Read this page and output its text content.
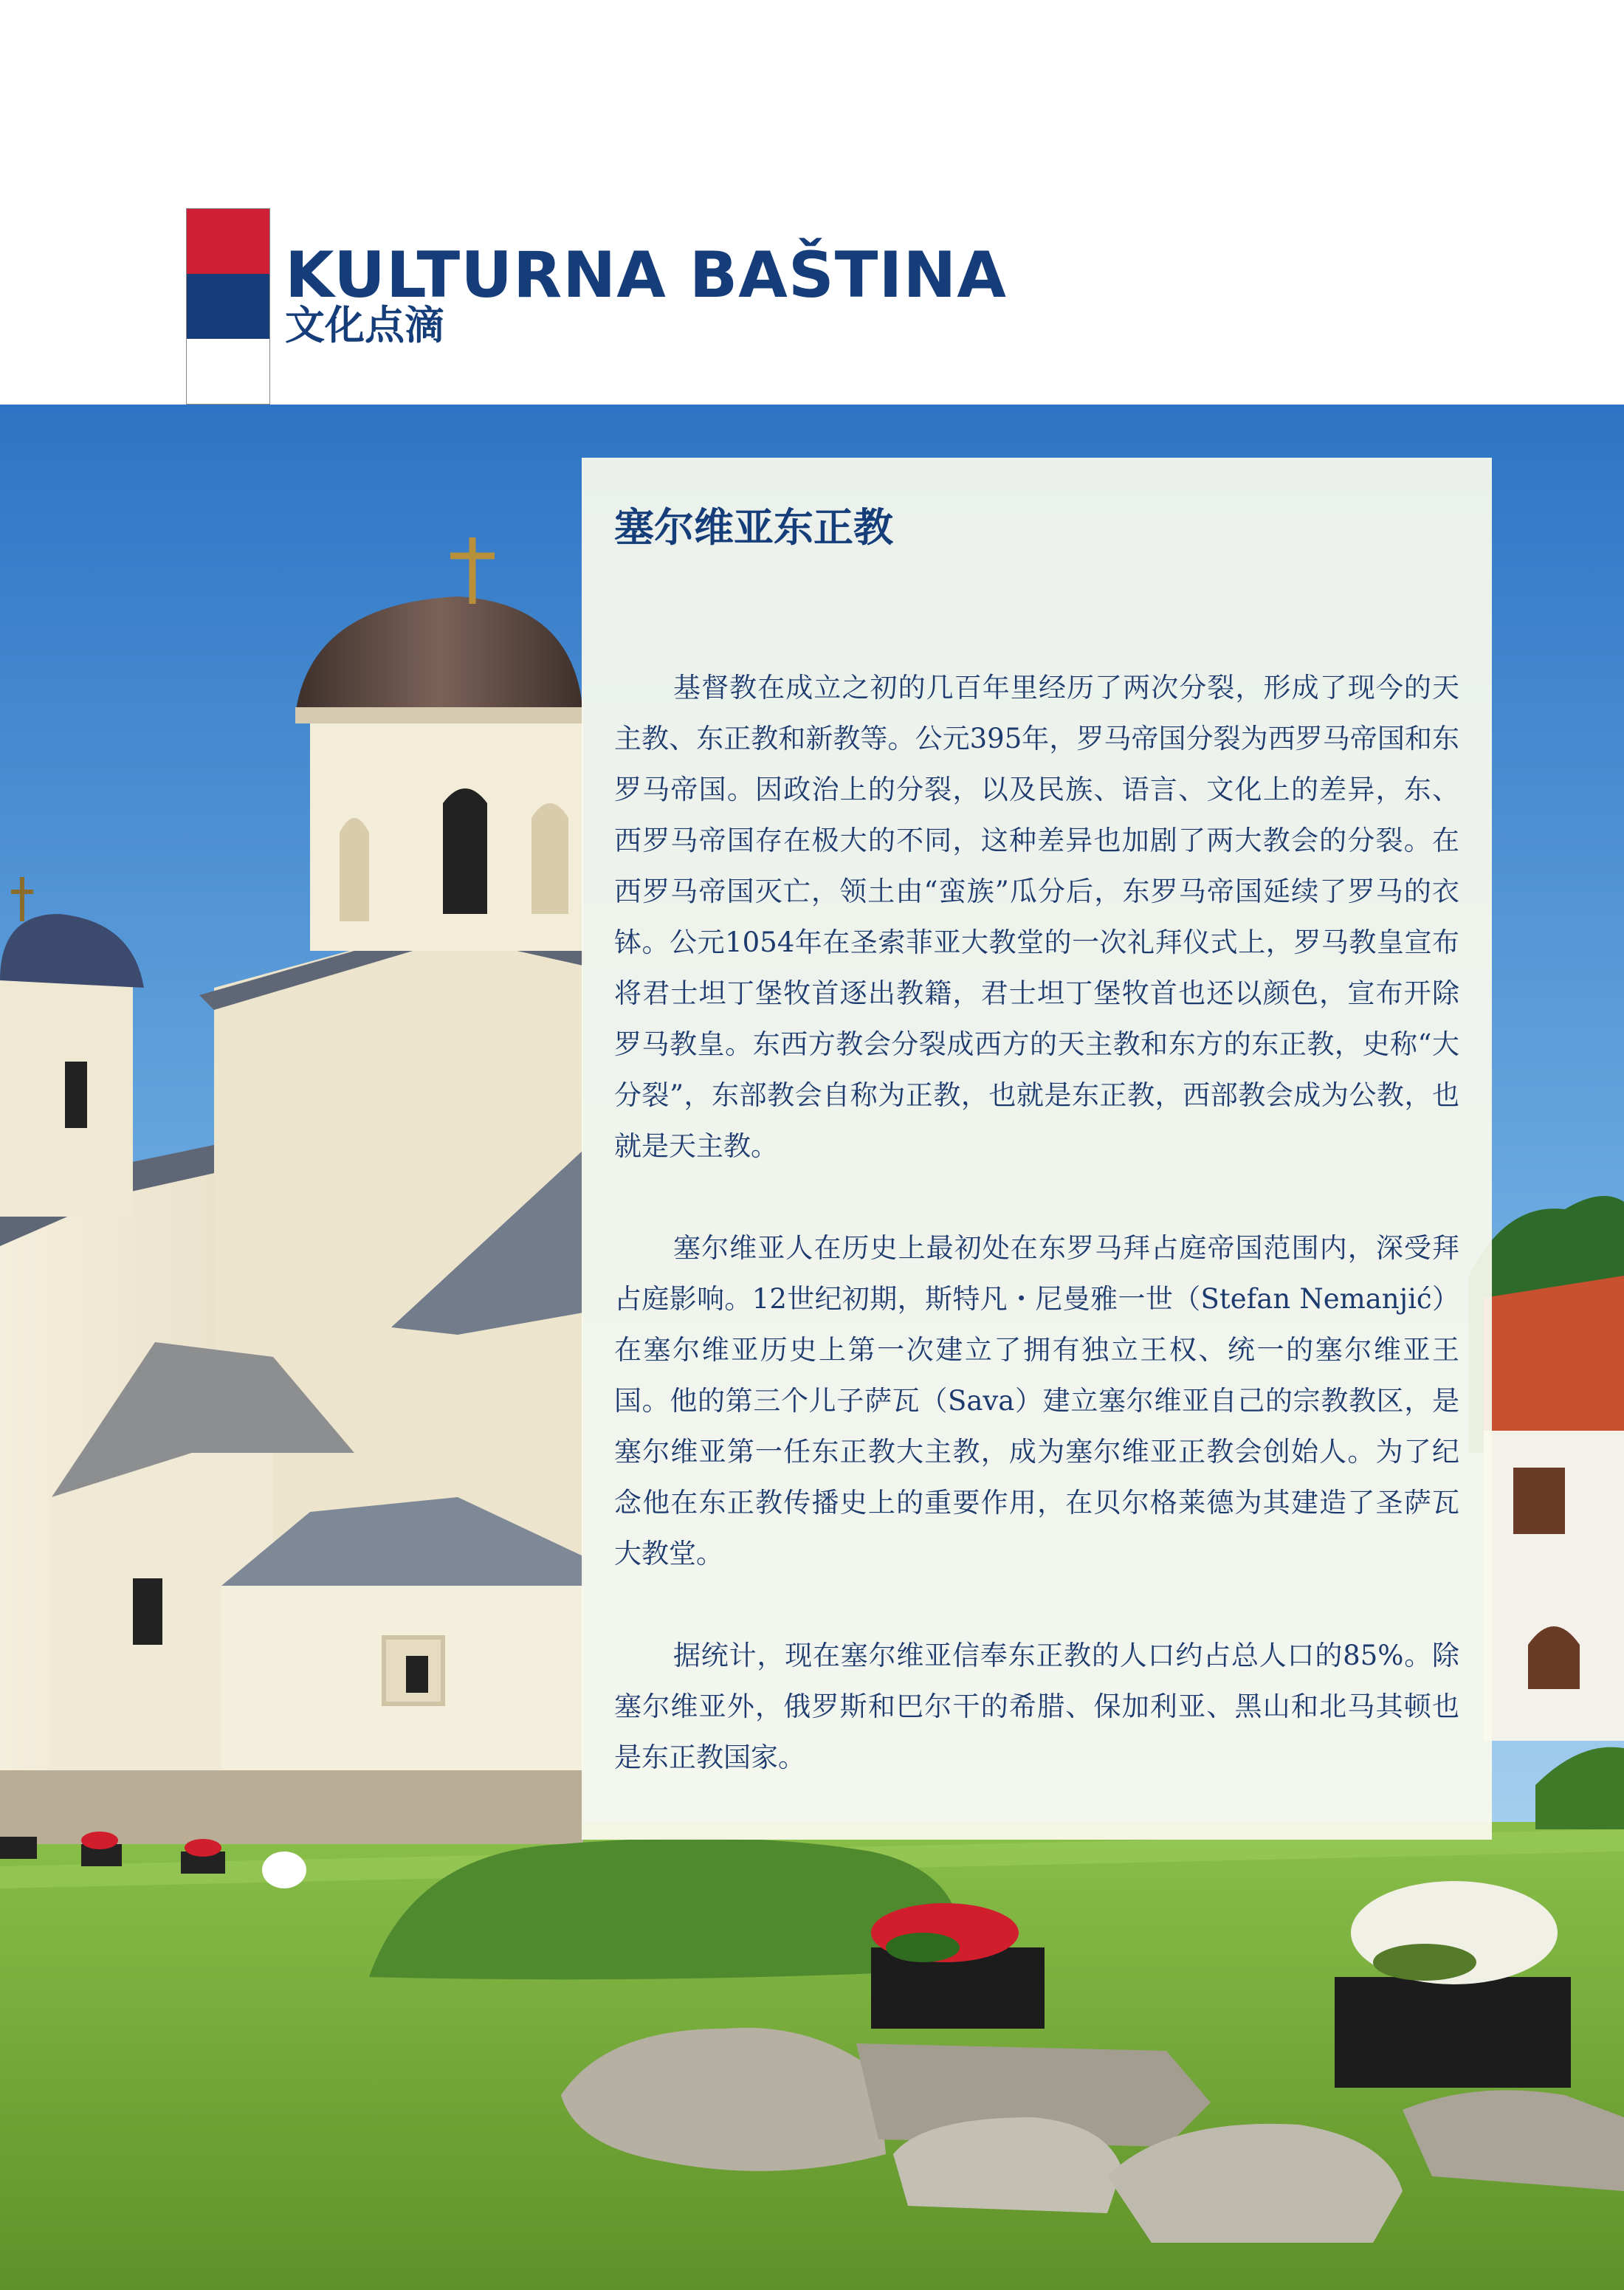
KULTURNA BAŠTINA
文化点滴
塞尔维亚东正教

基督教在成立之初的几百年里经历了两次分裂，形成了现今的天主教、东正教和新教等。公元395年，罗马帝国分裂为西罗马帝国和东罗马帝国。因政治上的分裂，以及民族、语言、文化上的差异，东、西罗马帝国存在极大的不同，这种差异也加剧了两大教会的分裂。在西罗马帝国灭亡，领土由“蛮族”瓜分后，东罗马帝国延续了罗马的衣钵。公元1054年在圣索菲亚大教堂的一次礼拜仪式上，罗马教皇宣布将君士坦丁堡牧首逐出教籍，君士坦丁堡牧首也还以颜色，宣布开除罗马教皇。东西方教会分裂成西方的天主教和东方的东正教，史称“大分裂”，东部教会自称为正教，也就是东正教，西部教会成为公教，也就是天主教。

塞尔维亚人在历史上最初处在东罗马拜占庭帝国范围内，深受拜占庭影响。12世纪初期，斯特凡・尼曼雅一世（Stefan Nemanjić）在塞尔维亚历史上第一次建立了拥有独立王权、统一的塞尔维亚王国。他的第三个儿子萨瓦（Sava）建立塞尔维亚自己的宗教教区，是塞尔维亚第一任东正教大主教，成为塞尔维亚正教会创始人。为了纪念他在东正教传播史上的重要作用，在贝尔格莱德为其建造了圣萨瓦大教堂。

据统计，现在塞尔维亚信奉东正教的人口约占总人口的85%。除塞尔维亚外，俄罗斯和巴尔干的希腊、保加利亚、黑山和北马其顿也是东正教国家。
